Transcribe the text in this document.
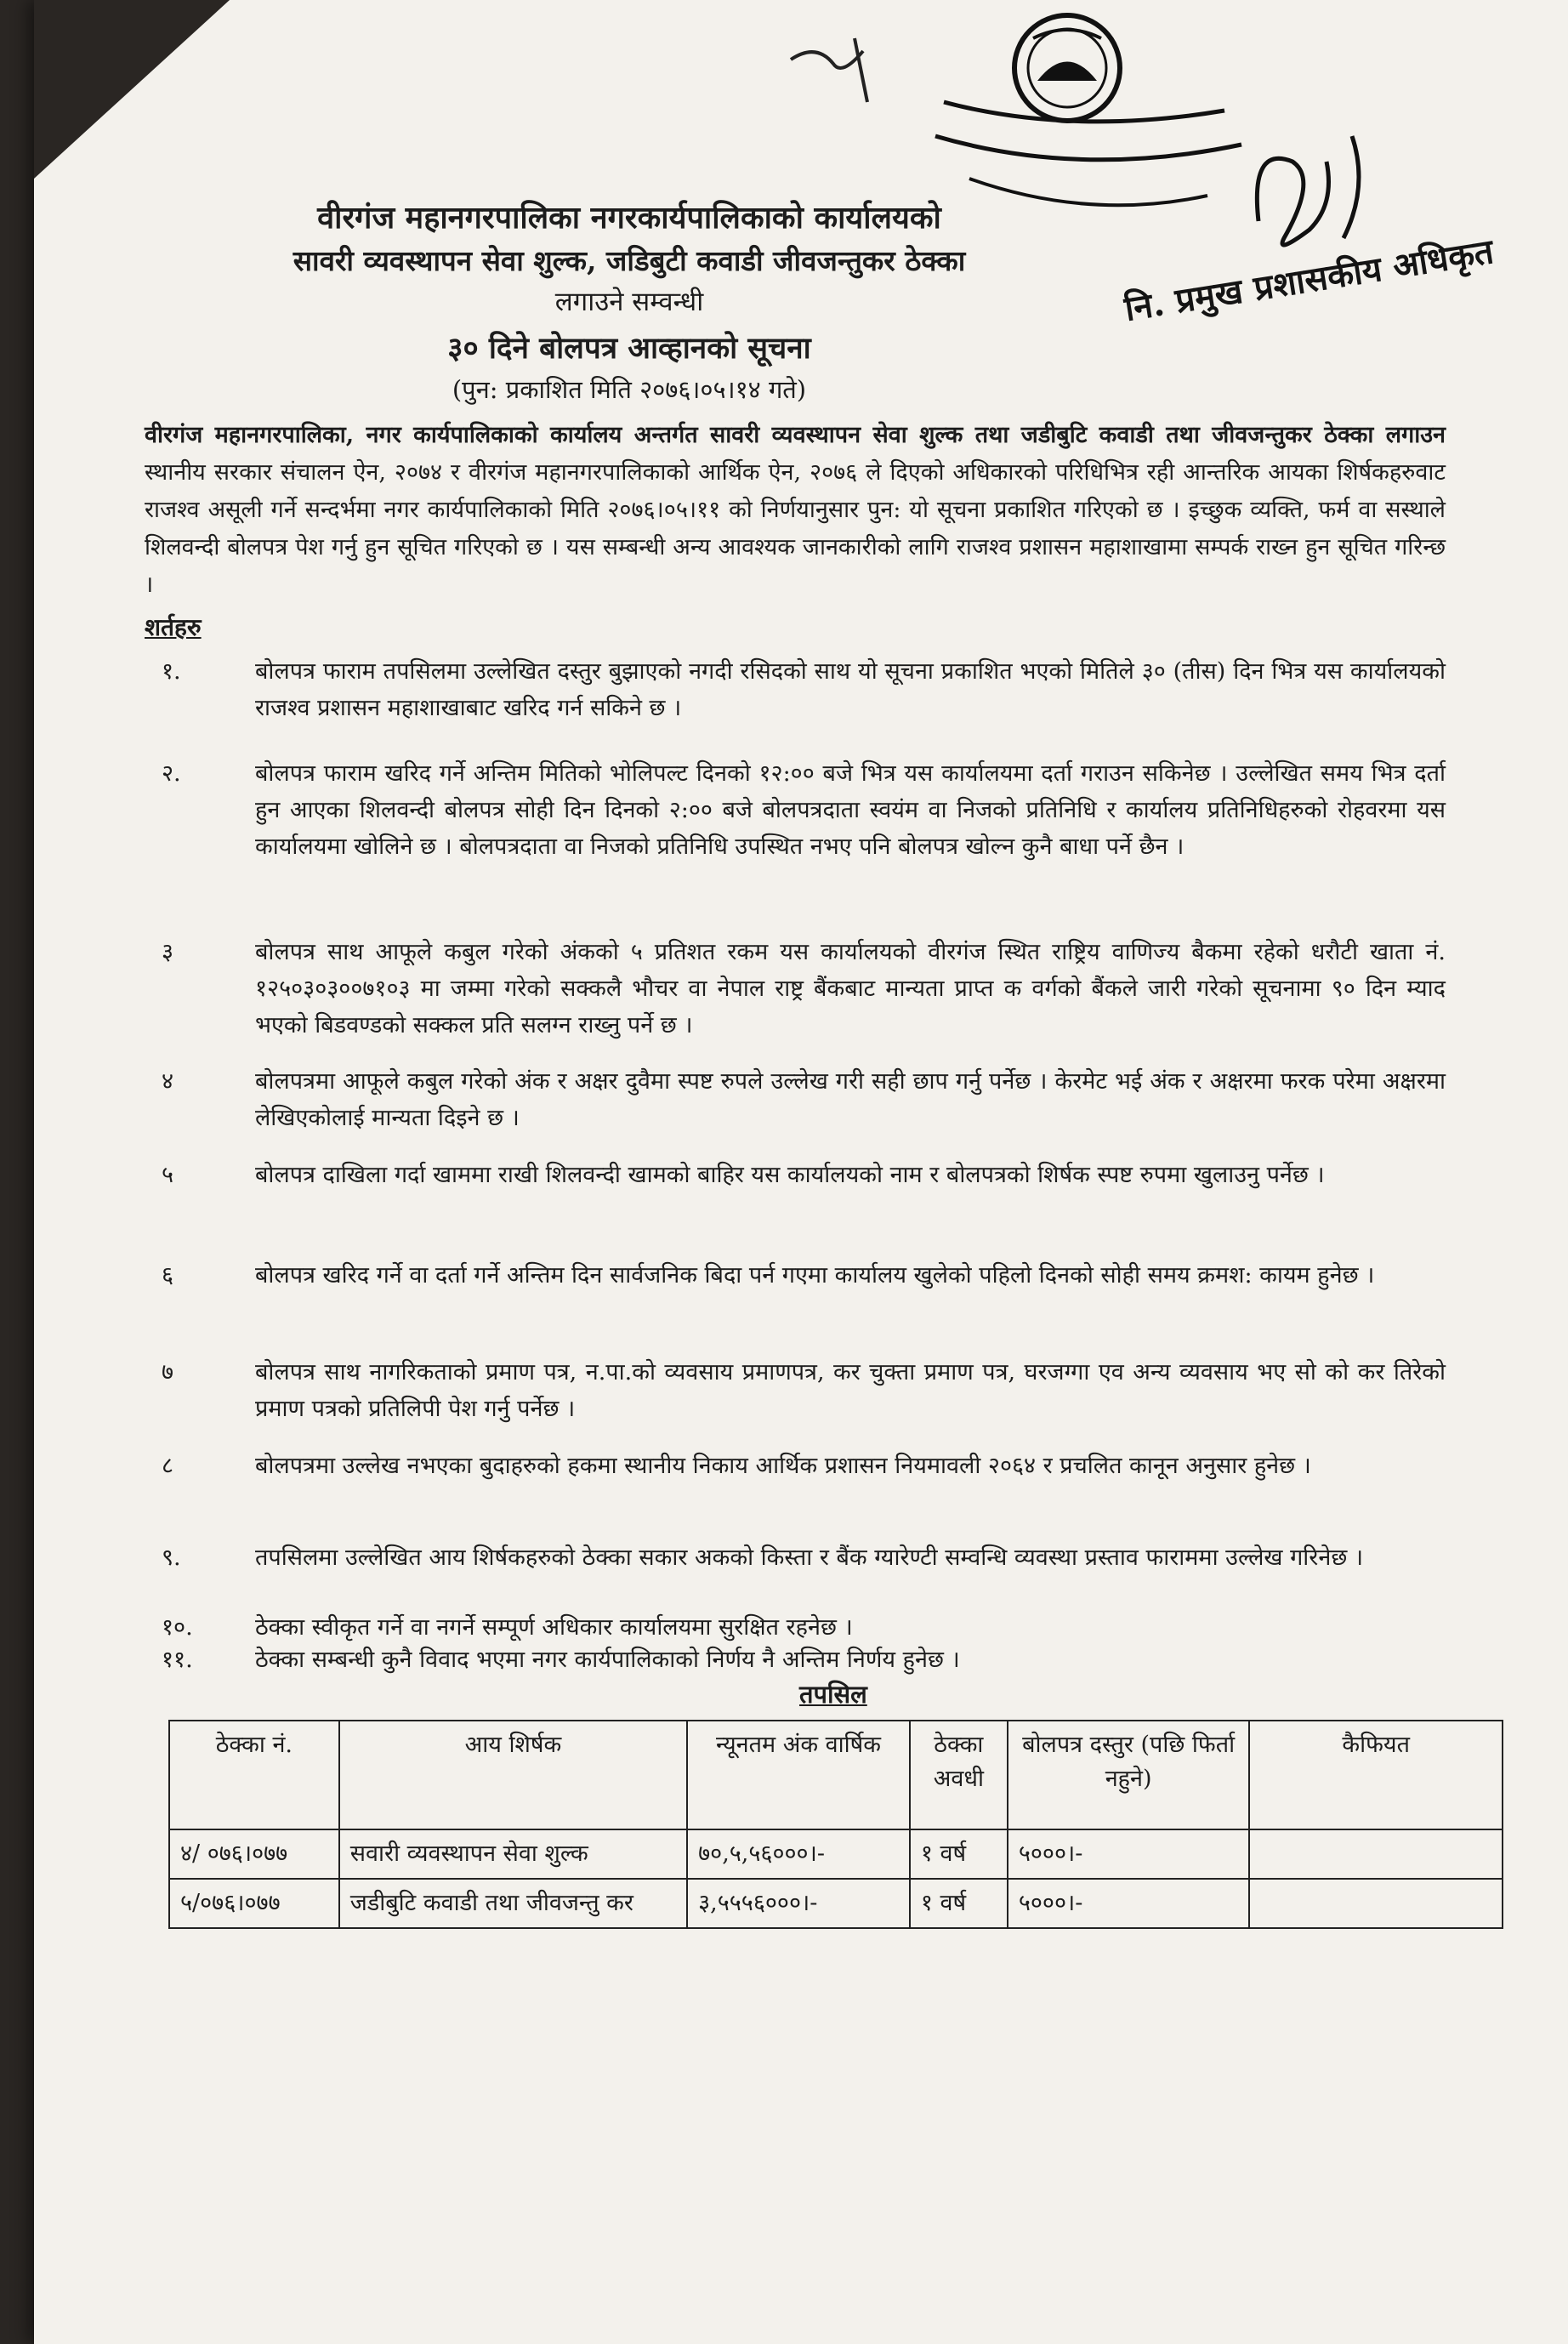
नि. प्रमुख प्रशासकीय अधिकृत
वीरगंज महानगरपालिका नगरकार्यपालिकाको कार्यालयको
सावरी व्यवस्थापन सेवा शुल्क, जडिबुटी कवाडी जीवजन्तुकर ठेक्का
लगाउने सम्वन्धी
३० दिने बोलपत्र आव्हानको सूचना
(पुन: प्रकाशित मिति २०७६।०५।१४ गते)
वीरगंज महानगरपालिका, नगर कार्यपालिकाको कार्यालय अन्तर्गत सावरी व्यवस्थापन सेवा शुल्क तथा जडीबुटि कवाडी तथा जीवजन्तुकर ठेक्का लगाउन स्थानीय सरकार संचालन ऐन, २०७४ र वीरगंज महानगरपालिकाको आर्थिक ऐन, २०७६ ले दिएको अधिकारको परिधिभित्र रही आन्तरिक आयका शिर्षकहरुवाट राजश्व असूली गर्ने सन्दर्भमा नगर कार्यपालिकाको मिति २०७६।०५।११ को निर्णयानुसार पुन: यो सूचना प्रकाशित गरिएको छ । इच्छुक व्यक्ति, फर्म वा सस्थाले शिलवन्दी बोलपत्र पेश गर्नु हुन सूचित गरिएको छ । यस सम्बन्धी अन्य आवश्यक जानकारीको लागि राजश्व प्रशासन महाशाखामा सम्पर्क राख्न हुन सूचित गरिन्छ ।
शर्तहरु
१.	बोलपत्र फाराम तपसिलमा उल्लेखित दस्तुर बुझाएको नगदी रसिदको साथ यो सूचना प्रकाशित भएको मितिले ३० (तीस) दिन भित्र यस कार्यालयको राजश्व प्रशासन महाशाखाबाट खरिद गर्न सकिने छ ।
२.	बोलपत्र फाराम खरिद गर्ने अन्तिम मितिको भोलिपल्ट दिनको १२:०० बजे भित्र यस कार्यालयमा दर्ता गराउन सकिनेछ । उल्लेखित समय भित्र दर्ता हुन आएका शिलवन्दी बोलपत्र सोही दिन दिनको २:०० बजे बोलपत्रदाता स्वयंम वा निजको प्रतिनिधि र कार्यालय प्रतिनिधिहरुको रोहवरमा यस कार्यालयमा खोलिने छ । बोलपत्रदाता वा निजको प्रतिनिधि उपस्थित नभए पनि बोलपत्र खोल्न कुनै बाधा पर्ने छैन ।
३	बोलपत्र साथ आफूले कबुल गरेको अंकको ५ प्रतिशत रकम यस कार्यालयको वीरगंज स्थित राष्ट्रिय वाणिज्य बैकमा रहेको धरौटी खाता नं. १२५०३०३००७१०३ मा जम्मा गरेको सक्कलै भौचर वा नेपाल राष्ट्र बैंकबाट मान्यता प्राप्त क वर्गको बैंकले जारी गरेको सूचनामा ९० दिन म्याद भएको बिडवण्डको सक्कल प्रति सलग्न राख्नु पर्ने छ ।
४	बोलपत्रमा आफूले कबुल गरेको अंक र अक्षर दुवैमा स्पष्ट रुपले उल्लेख गरी सही छाप गर्नु पर्नेछ । केरमेट भई अंक र अक्षरमा फरक परेमा अक्षरमा लेखिएकोलाई मान्यता दिइने छ ।
५	बोलपत्र दाखिला गर्दा खाममा राखी शिलवन्दी खामको बाहिर यस कार्यालयको नाम र बोलपत्रको शिर्षक स्पष्ट रुपमा खुलाउनु पर्नेछ ।
६	बोलपत्र खरिद गर्ने वा दर्ता गर्ने अन्तिम दिन सार्वजनिक बिदा पर्न गएमा कार्यालय खुलेको पहिलो दिनको सोही समय क्रमश: कायम हुनेछ ।
७	बोलपत्र साथ नागरिकताको प्रमाण पत्र, न.पा.को व्यवसाय प्रमाणपत्र, कर चुक्ता प्रमाण पत्र, घरजग्गा एव अन्य व्यवसाय भए सो को कर तिरेको प्रमाण पत्रको प्रतिलिपी पेश गर्नु पर्नेछ ।
८	बोलपत्रमा उल्लेख नभएका बुदाहरुको हकमा स्थानीय निकाय आर्थिक प्रशासन नियमावली २०६४ र प्रचलित कानून अनुसार हुनेछ ।
९.	तपसिलमा उल्लेखित आय शिर्षकहरुको ठेक्का सकार अकको किस्ता र बैंक ग्यारेण्टी सम्वन्धि व्यवस्था प्रस्ताव फाराममा उल्लेख गरिनेछ ।
१०.	ठेक्का स्वीकृत गर्ने वा नगर्ने सम्पूर्ण अधिकार कार्यालयमा सुरक्षित रहनेछ ।
११.	ठेक्का सम्बन्धी कुनै विवाद भएमा नगर कार्यपालिकाको निर्णय नै अन्तिम निर्णय हुनेछ ।
तपसिल
ठेक्का नं.	आय शिर्षक	न्यूनतम अंक वार्षिक	ठेक्का अवधी	बोलपत्र दस्तुर (पछि फिर्ता नहुने)	कैफियत
४/ ०७६।०७७	सवारी व्यवस्थापन सेवा शुल्क	७०,५,५६०००।-	१ वर्ष	५०००।-	
५/०७६।०७७	जडीबुटि कवाडी तथा जीवजन्तु कर	३,५५५६०००।-	१ वर्ष	५०००।-	
